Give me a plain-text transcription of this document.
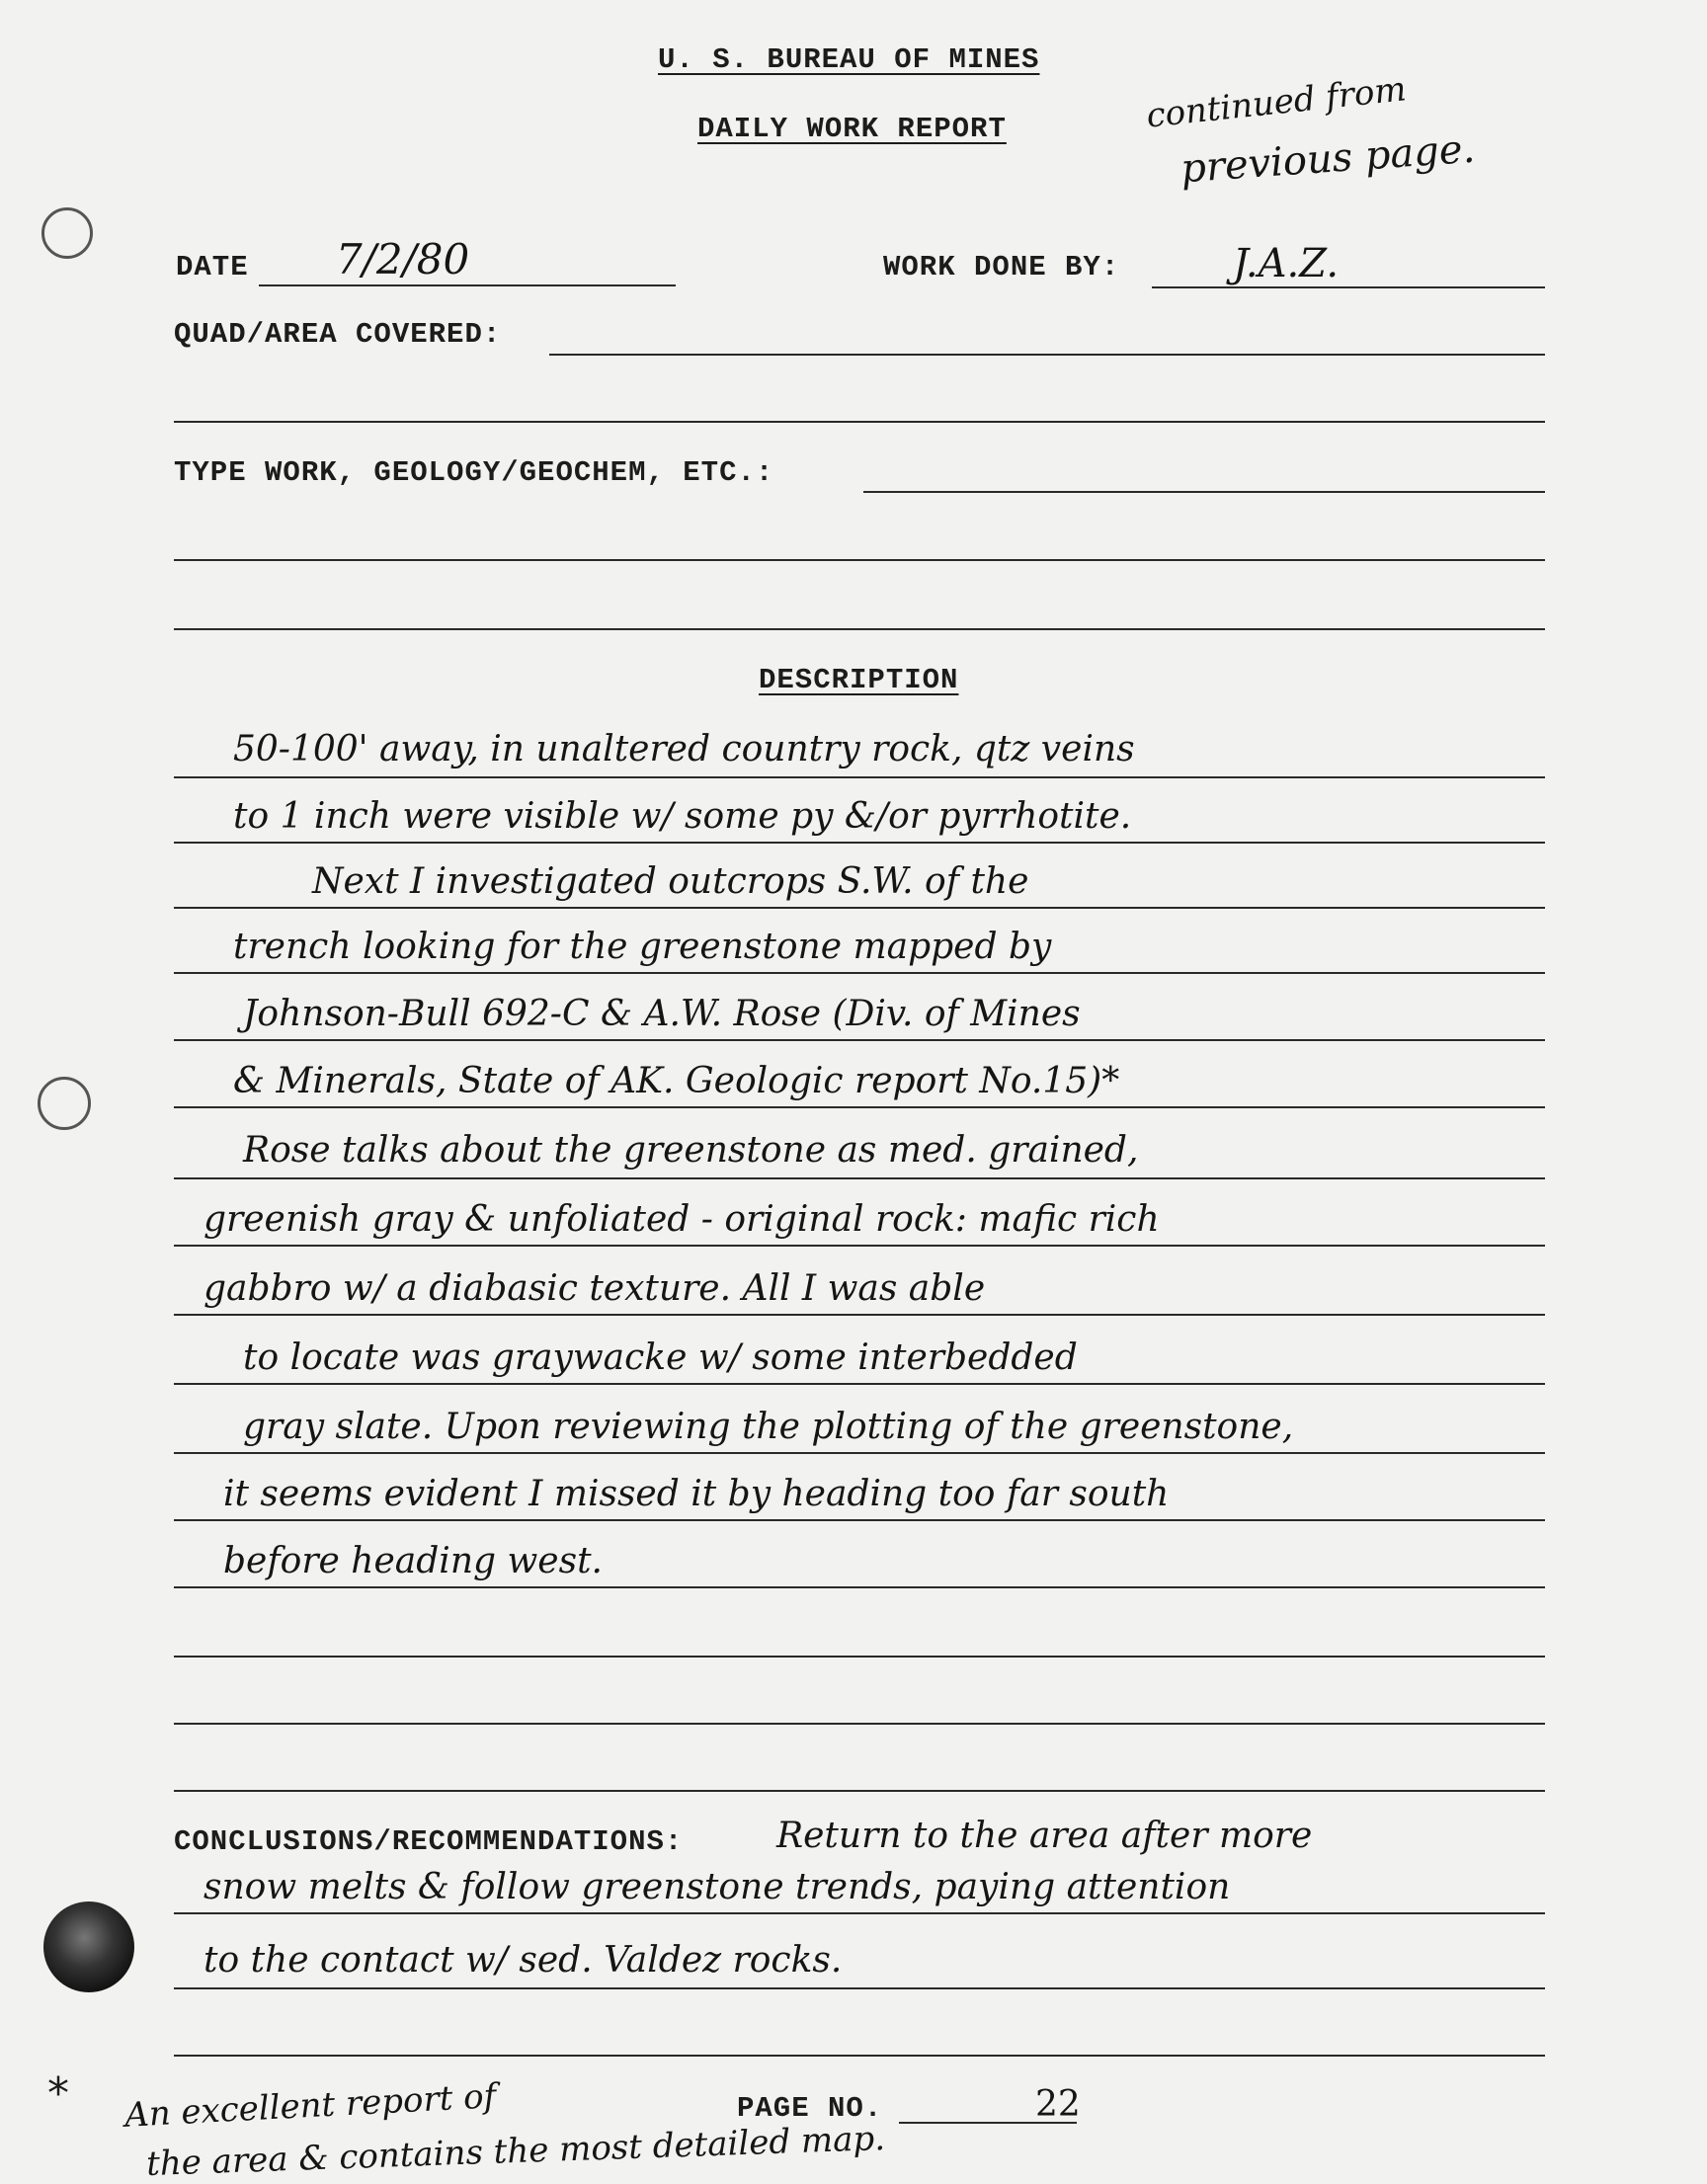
U. S. BUREAU OF MINES
DAILY WORK REPORT	continued from
previous page.
DATE 7/2/80	WORK DONE BY:	J.A.Z.
QUAD/AREA COVERED:
TYPE WORK, GEOLOGY/GEOCHEM, ETC.:
DESCRIPTION
50-100' away, in unaltered country rock, qtz veins
to 1 inch were visible w/ some py &/or pyrrhotite.
Next I investigated outcrops S.W. of the
trench looking for the greenstone mapped by
Johnson-Bull 692-C & A.W. Rose (Div. of Mines
& Minerals, State of AK. Geologic report No.15)*
Rose talks about the greenstone as med. grained,
greenish gray & unfoliated - original rock: mafic rich
gabbro w/ a diabasic texture. All I was able
to locate was graywacke w/ some interbedded
gray slate. Upon reviewing the plotting of the greenstone,
it seems evident I missed it by heading too far south
before heading west.
CONCLUSIONS/RECOMMENDATIONS:	Return to the area after more
snow melts & follow greenstone trends, paying attention
to the contact w/ sed. Valdez rocks.
* An excellent report of
the area & contains the most detailed map.
PAGE NO.	22
